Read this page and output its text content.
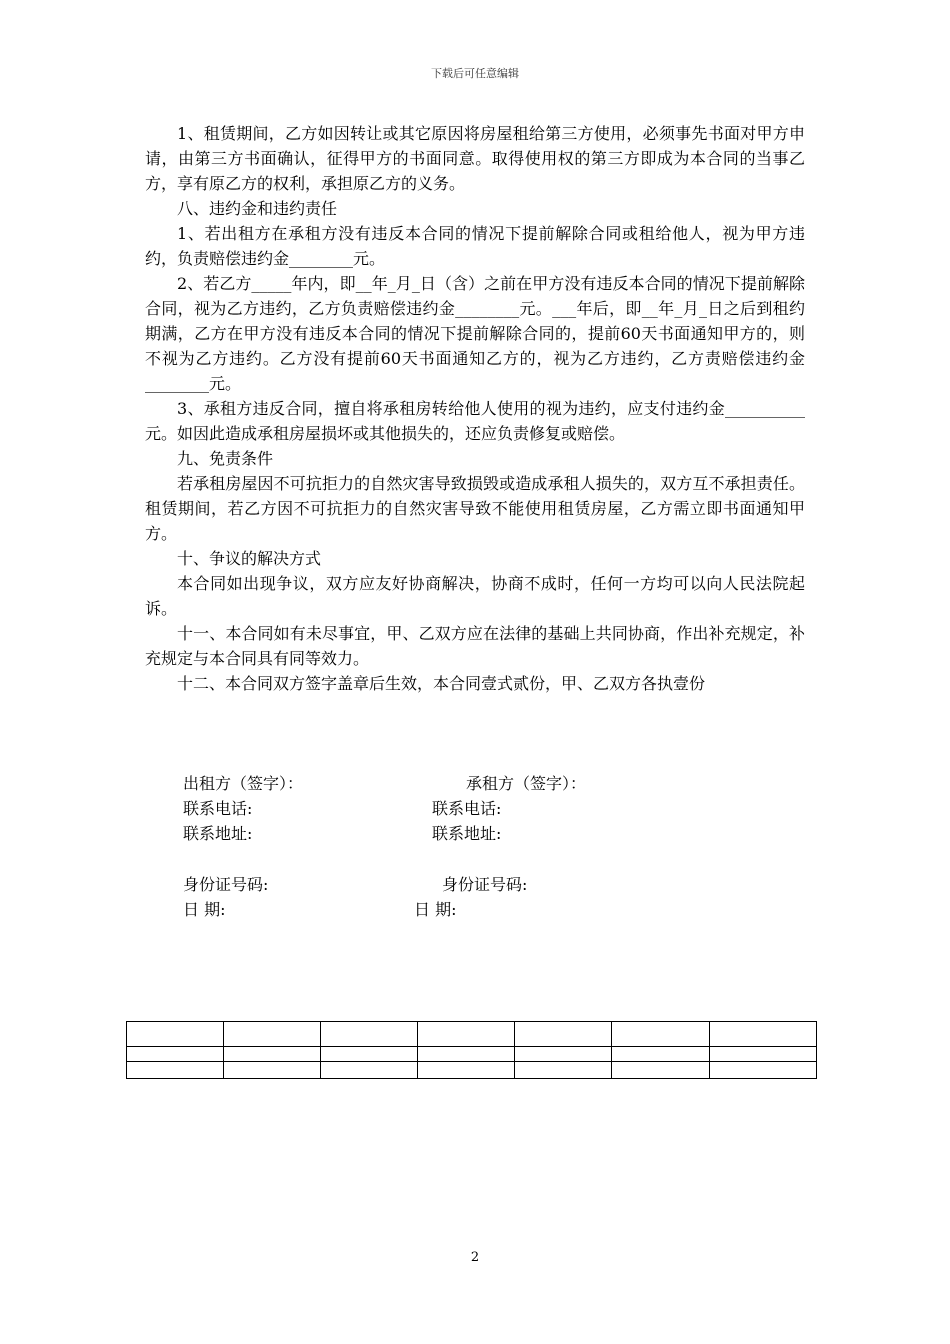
下载后可任意编辑

1、租赁期间，乙方如因转让或其它原因将房屋租给第三方使用，必须事先书面对甲方申请，由第三方书面确认，征得甲方的书面同意。取得使用权的第三方即成为本合同的当事乙方，享有原乙方的权利，承担原乙方的义务。

八、违约金和违约责任

1、若出租方在承租方没有违反本合同的情况下提前解除合同或租给他人，视为甲方违约，负责赔偿违约金________元。

2、若乙方_____年内，即__年_月_日（含）之前在甲方没有违反本合同的情况下提前解除合同，视为乙方违约，乙方负责赔偿违约金________元。___年后，即__年_月_日之后到租约期满，乙方在甲方没有违反本合同的情况下提前解除合同的，提前60天书面通知甲方的，则不视为乙方违约。乙方没有提前60天书面通知乙方的，视为乙方违约，乙方责赔偿违约金________元。

3、承租方违反合同，擅自将承租房转给他人使用的视为违约，应支付违约金__________元。如因此造成承租房屋损坏或其他损失的，还应负责修复或赔偿。

九、免责条件

若承租房屋因不可抗拒力的自然灾害导致损毁或造成承租人损失的，双方互不承担责任。租赁期间，若乙方因不可抗拒力的自然灾害导致不能使用租赁房屋，乙方需立即书面通知甲方。

十、争议的解决方式

本合同如出现争议，双方应友好协商解决，协商不成时，任何一方均可以向人民法院起诉。

十一、本合同如有未尽事宜，甲、乙双方应在法律的基础上共同协商，作出补充规定，补充规定与本合同具有同等效力。

十二、本合同双方签字盖章后生效，本合同壹式贰份，甲、乙双方各执壹份

出租方（签字）：	承租方（签字）：
联系电话:	联系电话:
联系地址:	联系地址:
身份证号码:	身份证号码:
日 期:	日 期:

2
